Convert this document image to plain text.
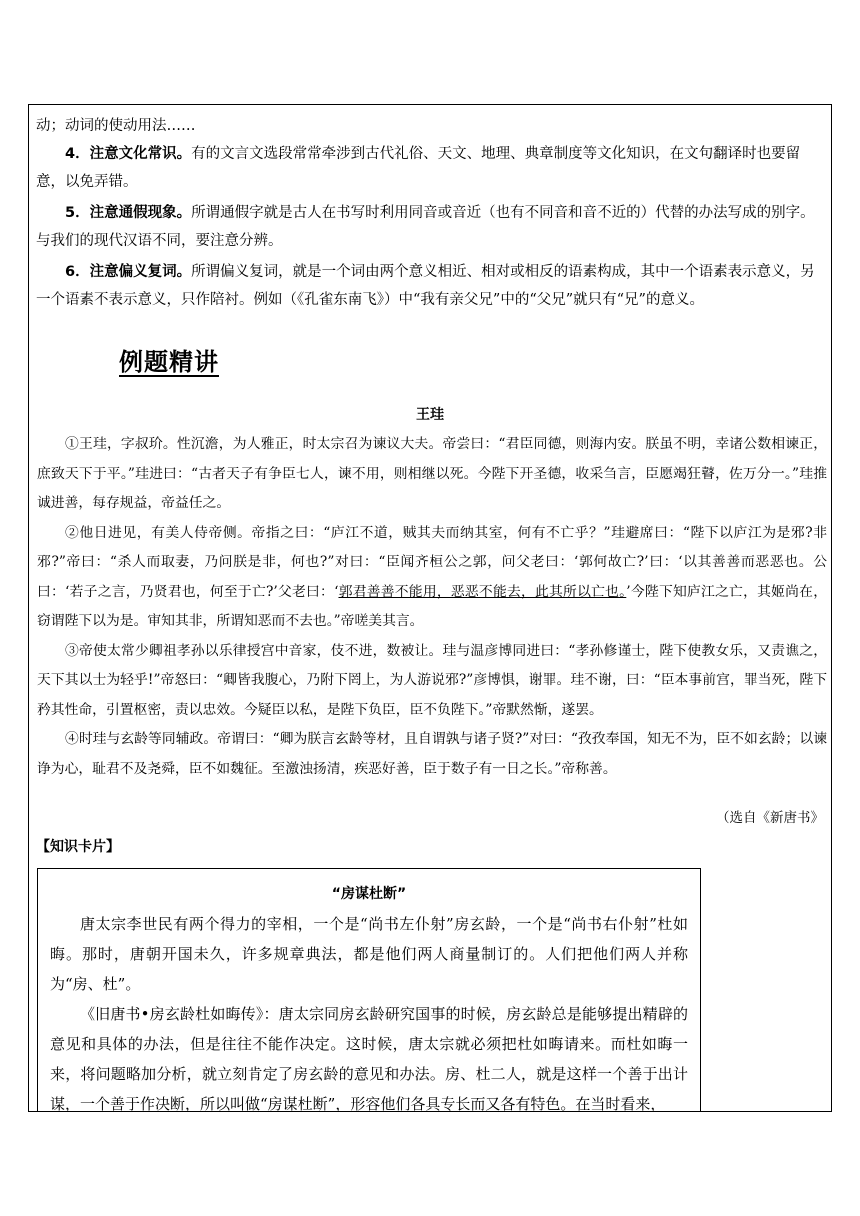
动；动词的使动用法……
4．注意文化常识。有的文言文选段常常牵涉到古代礼俗、天文、地理、典章制度等文化知识，在文句翻译时也要留意，以免弄错。
5．注意通假现象。所谓通假字就是古人在书写时利用同音或音近（也有不同音和音不近的）代替的办法写成的别字。与我们的现代汉语不同，要注意分辨。
6．注意偏义复词。所谓偏义复词，就是一个词由两个意义相近、相对或相反的语素构成，其中一个语素表示意义，另一个语素不表示意义，只作陪衬。例如（《孔雀东南飞》）中“我有亲父兄”中的“父兄”就只有“兄”的意义。
例题精讲
王珪

①王珪，字叔玠。性沉澹，为人雅正，时太宗召为谏议大夫。帝尝曰：“君臣同德，则海内安。朕虽不明，幸诸公数相谏正，庶致天下于平。”珪进曰：“古者天子有争臣七人，谏不用，则相继以死。今陛下开圣德，收采刍言，臣愿竭狂瞽，佐万分一。”珪推诚进善，每存规益，帝益任之。

②他日进见，有美人侍帝侧。帝指之曰：“庐江不道，贼其夫而纳其室，何有不亡乎？”珪避席曰：“陛下以庐江为是邪?非邪?”帝曰：“杀人而取妻，乃问朕是非，何也?”对曰：“臣闻齐桓公之郭，问父老曰：‘郭何故亡?’曰：‘以其善善而恶恶也。公曰：‘若子之言，乃贤君也，何至于亡?’父老曰：‘郭君善善不能用，恶恶不能去，此其所以亡也。’今陛下知庐江之亡，其姬尚在，窃谓陛下以为是。审知其非，所谓知恶而不去也。”帝嗟美其言。

③帝使太常少卿祖孝孙以乐律授宫中音家，伎不进，数被让。珪与温彦博同进曰：“孝孙修谨士，陛下使教女乐，又责谯之，天下其以士为轻乎!”帝怒曰：“卿皆我腹心，乃附下罔上，为人游说邪?”彦博惧，谢罪。珪不谢，曰：“臣本事前宫，罪当死，陛下矜其性命，引置枢密，责以忠效。今疑臣以私，是陛下负臣，臣不负陛下。”帝默然惭，遂罢。

④时珪与玄龄等同辅政。帝谓曰：“卿为朕言玄龄等材，且自谓孰与诸子贤?”对曰：“孜孜奉国，知无不为，臣不如玄龄；以谏诤为心，耻君不及尧舜，臣不如魏征。至激浊扬清，疾恶好善，臣于数子有一日之长。”帝称善。

（选自《新唐书》
【知识卡片】
“房谋杜断”

唐太宗李世民有两个得力的宰相，一个是“尚书左仆射”房玄龄，一个是“尚书右仆射”杜如晦。那时，唐朝开国未久，许多规章典法，都是他们两人商量制订的。人们把他们两人并称为“房、杜”。

《旧唐书•房玄龄杜如晦传》：唐太宗同房玄龄研究国事的时候，房玄龄总是能够提出精辟的意见和具体的办法，但是往往不能作决定。这时候，唐太宗就必须把杜如晦请来。而杜如晦一来，将问题略加分析，就立刻肯定了房玄龄的意见和办法。房、杜二人，就是这样一个善于出计谋，一个善于作决断，所以叫做“房谋杜断”，形容他们各具专长而又各有特色。在当时看来，
